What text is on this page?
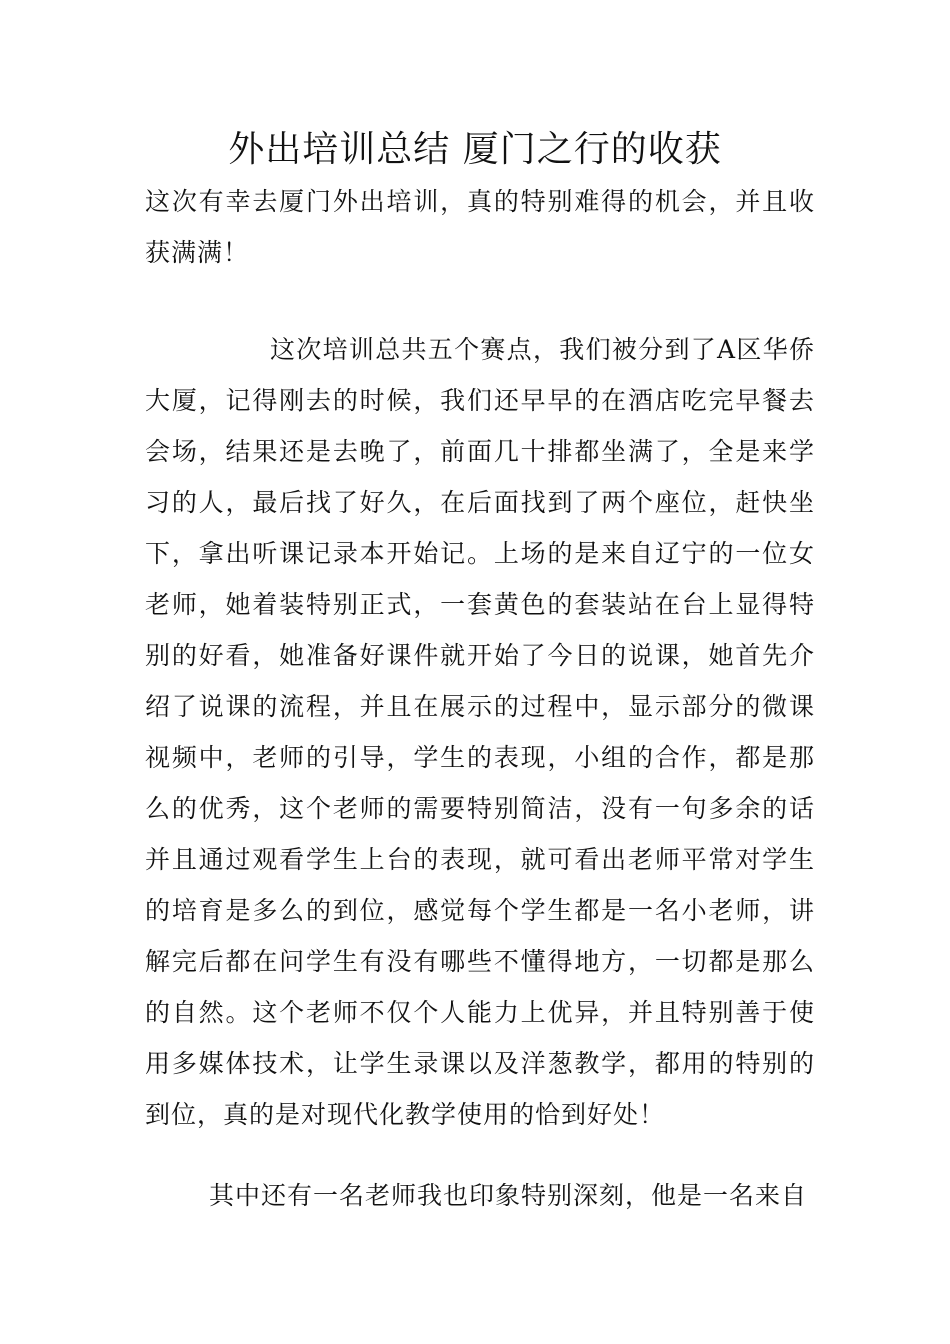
外出培训总结 厦门之行的收获

这次有幸去厦门外出培训，真的特别难得的机会，并且收获满满！

这次培训总共五个赛点，我们被分到了A区华侨大厦，记得刚去的时候，我们还早早的在酒店吃完早餐去会场，结果还是去晚了，前面几十排都坐满了，全是来学习的人，最后找了好久，在后面找到了两个座位，赶快坐下，拿出听课记录本开始记。上场的是来自辽宁的一位女老师，她着装特别正式，一套黄色的套装站在台上显得特别的好看，她准备好课件就开始了今日的说课，她首先介绍了说课的流程，并且在展示的过程中，显示部分的微课视频中，老师的引导，学生的表现，小组的合作，都是那么的优秀，这个老师的需要特别简洁，没有一句多余的话并且通过观看学生上台的表现，就可看出老师平常对学生的培育是多么的到位，感觉每个学生都是一名小老师，讲解完后都在问学生有没有哪些不懂得地方，一切都是那么的自然。这个老师不仅个人能力上优异，并且特别善于使用多媒体技术，让学生录课以及洋葱教学，都用的特别的到位，真的是对现代化教学使用的恰到好处！

其中还有一名老师我也印象特别深刻，他是一名来自
